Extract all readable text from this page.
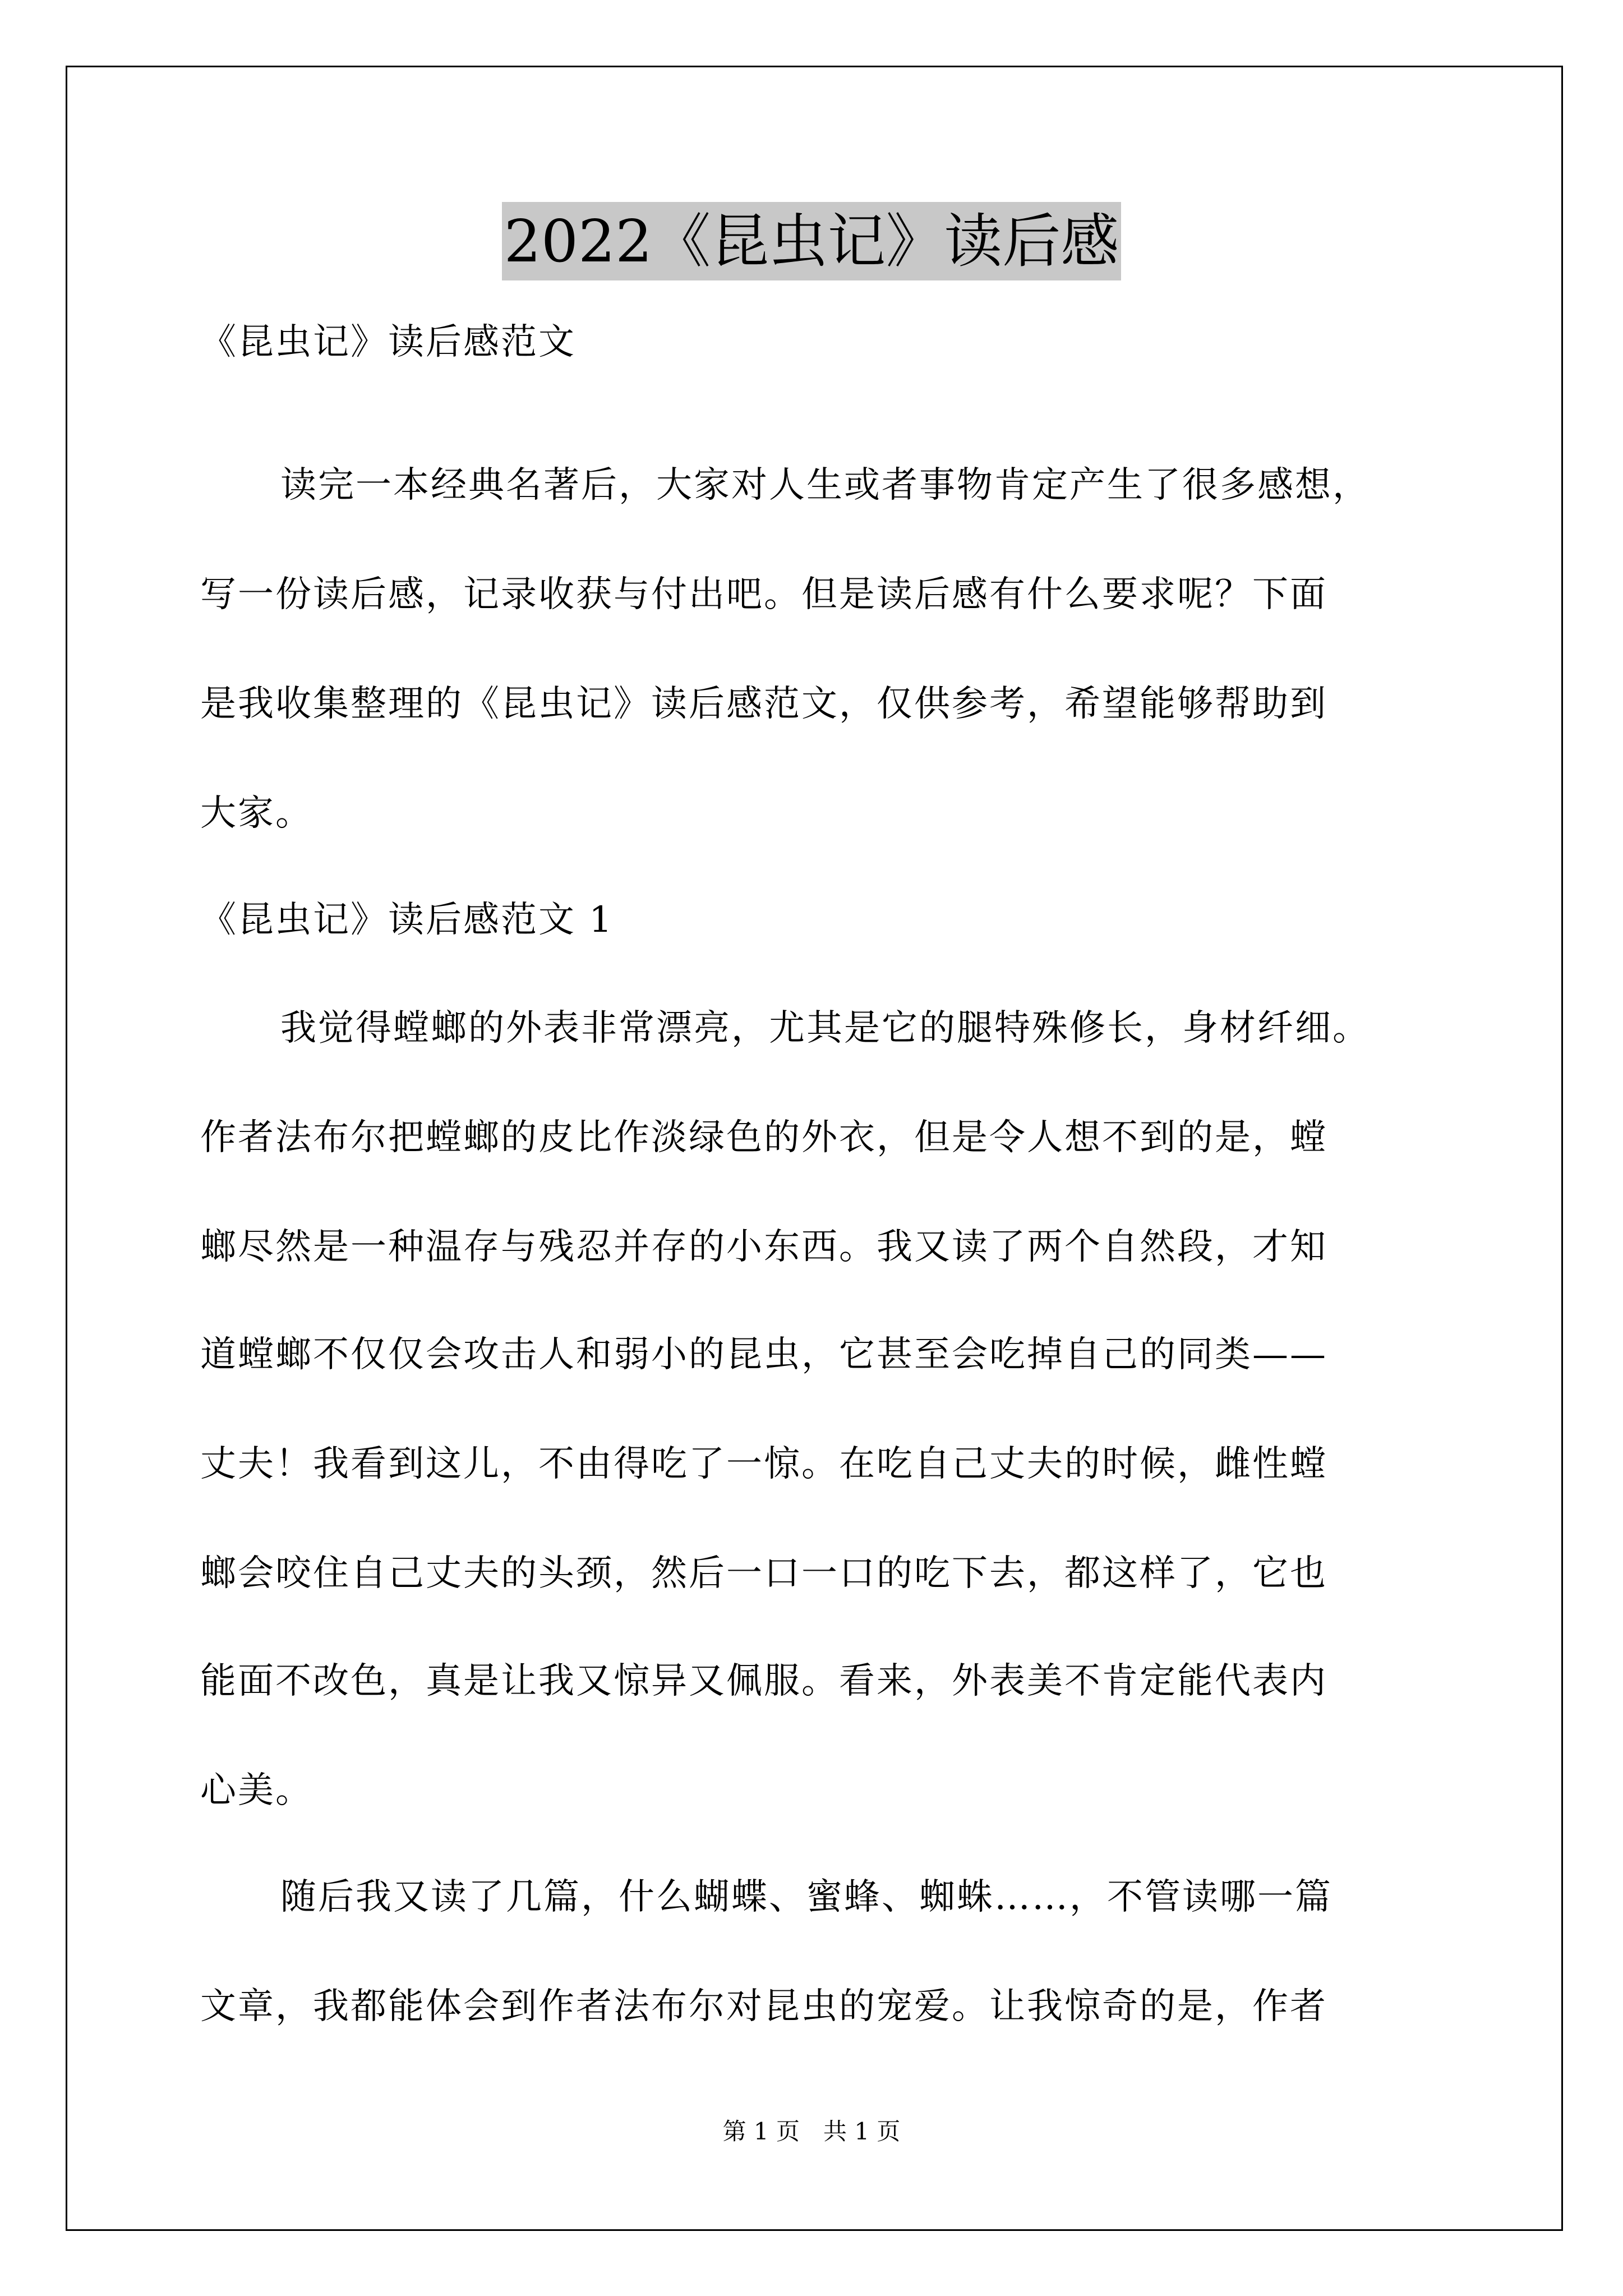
2022《昆虫记》读后感
《昆虫记》读后感范文
读完一本经典名著后，大家对人生或者事物肯定产生了很多感想，
写一份读后感，记录收获与付出吧。但是读后感有什么要求呢？下面
是我收集整理的《昆虫记》读后感范文，仅供参考，希望能够帮助到
大家。
《昆虫记》读后感范文 1
我觉得螳螂的外表非常漂亮，尤其是它的腿特殊修长，身材纤细。
作者法布尔把螳螂的皮比作淡绿色的外衣，但是令人想不到的是，螳
螂尽然是一种温存与残忍并存的小东西。我又读了两个自然段，才知
道螳螂不仅仅会攻击人和弱小的昆虫，它甚至会吃掉自己的同类——
丈夫！我看到这儿，不由得吃了一惊。在吃自己丈夫的时候，雌性螳
螂会咬住自己丈夫的头颈，然后一口一口的吃下去，都这样了，它也
能面不改色，真是让我又惊异又佩服。看来，外表美不肯定能代表内
心美。
随后我又读了几篇，什么蝴蝶、蜜蜂、蜘蛛……，不管读哪一篇
文章，我都能体会到作者法布尔对昆虫的宠爱。让我惊奇的是，作者
第 1 页　共 1 页
